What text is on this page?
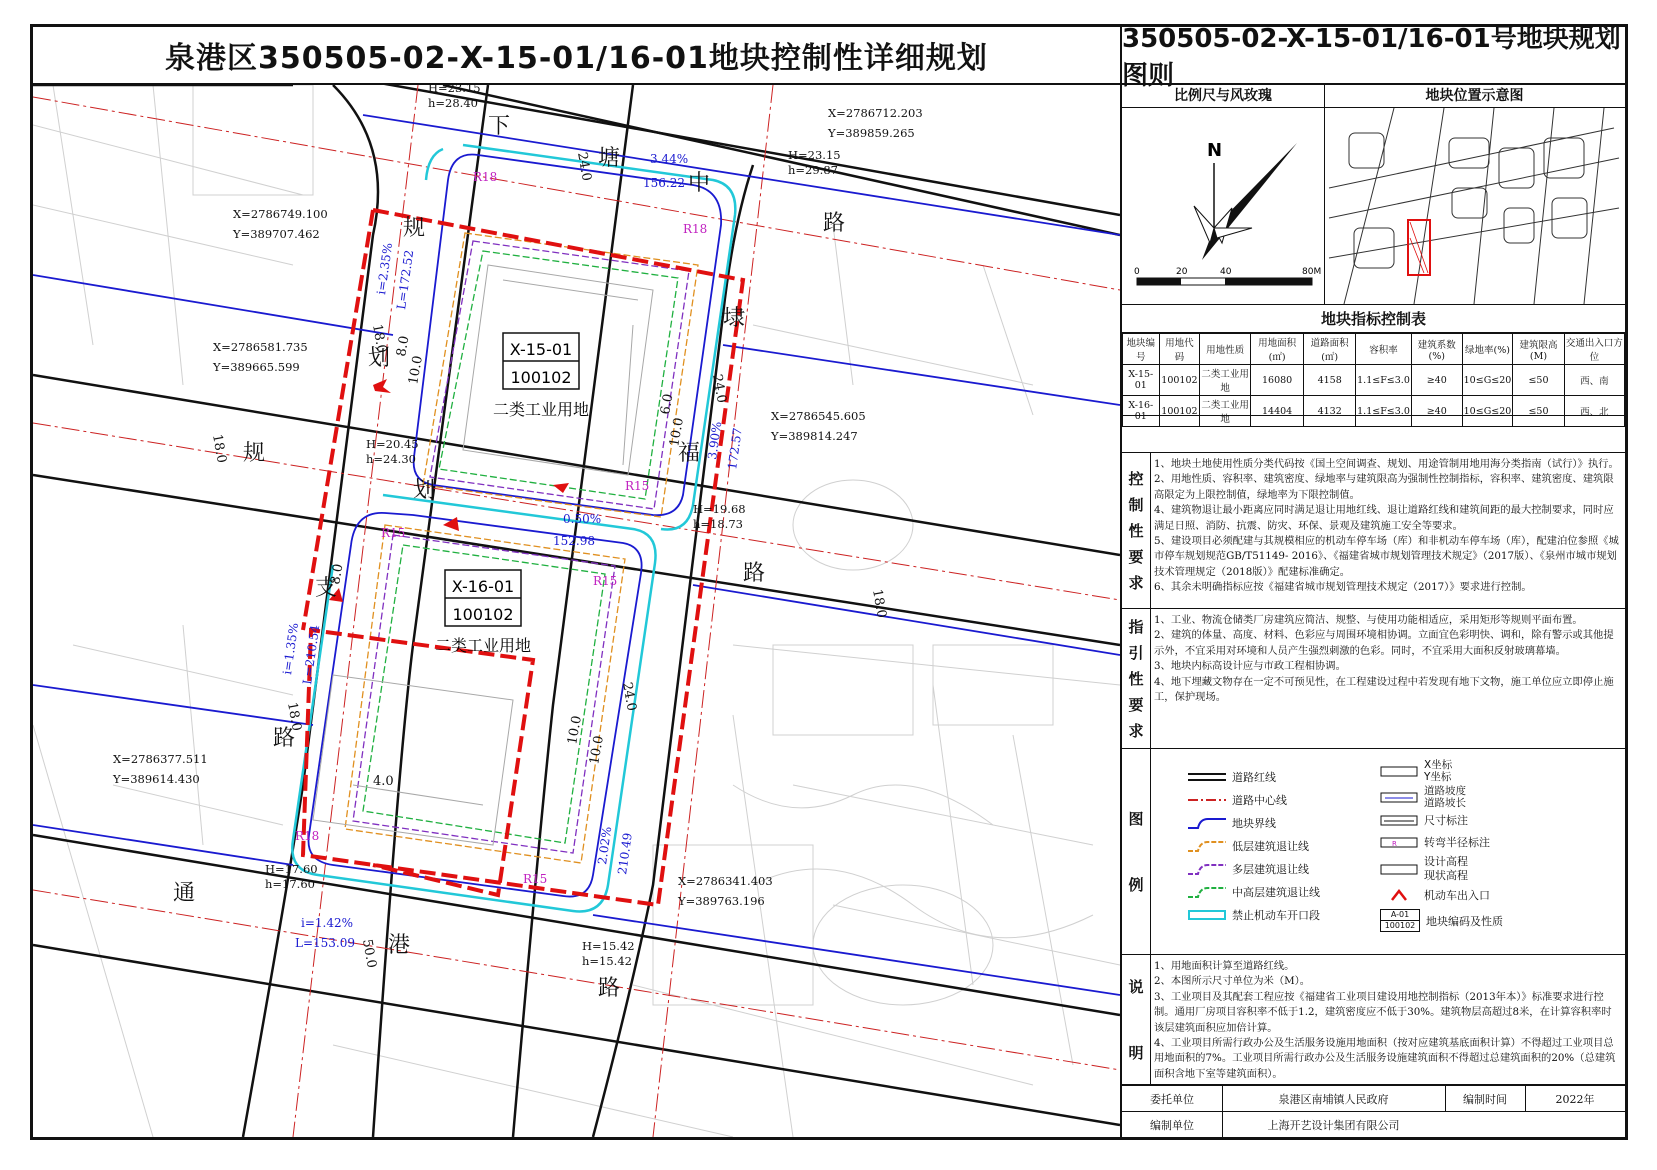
泉港区350505-02-X-15-01/16-01地块控制性详细规划
350505-02-X-15-01/16-01号地块规划图则
下
塘
中
路
规
划
支
路
规
划
路
通
港
路
埭
福
X-15-01
100102
二类工业用地
X-16-01
100102
二类工业用地
X=2786712.203
Y=389859.265
X=2786749.100
Y=389707.462
X=2786581.735
Y=389665.599
X=2786545.605
Y=389814.247
X=2786377.511
Y=389614.430
X=2786341.403
Y=389763.196
H=23.15
h=28.40
H=23.15
h=29.87
H=20.45
h=24.30
H=19.68
h=18.73
H=17.60
h=17.60
H=15.42
h=15.42
3.44%
156.22
i=2.35%
L=172.52
3.90% 172.57
0.50%
152.98
i=1.35%
L=210.54
2.02% 210.49
i=1.42%
L=153.09
24.0
18.0
18.0
24.0
18.0
50.0
18.0
24.0
R18
R18
R15
R15
R15
R15
R18
8.0
10.0
6.0
10.0
8.0
10.0
10.0
4.0
比例尺与风玫瑰
N
0	20	40	80M
地块位置示意图
地块指标控制表
地块编号	用地代码	用地性质	用地面积(㎡)	道路面积(㎡)	容积率	建筑系数(%)	绿地率(%)	建筑限高(M)	交通出入口方位
X-15-01	100102	二类工业用地	16080	4158	1.1≤F≤3.0	≥40	10≤G≤20	≤50	西、南
X-16-01	100102	二类工业用地	14404	4132	1.1≤F≤3.0	≥40	10≤G≤20	≤50	西、北
控
制
性
要
求

1、地块土地使用性质分类代码按《国土空间调查、规划、用途管制用地用海分类指南（试行）》执行。

2、用地性质、容积率、建筑密度、绿地率与建筑限高为强制性控制指标，容积率、建筑密度、建筑限高限定为上限控制值，绿地率为下限控制值。

4、建筑物退让最小距离应同时满足退让用地红线、退让道路红线和建筑间距的最大控制要求，同时应满足日照、消防、抗震、防灾、环保、景观及建筑施工安全等要求。

5、建设项目必须配建与其规模相应的机动车停车场（库）和非机动车停车场（库），配建泊位参照《城市停车规划规范GB/T51149- 2016》、《福建省城市规划管理技术规定》（2017版）、《泉州市城市规划技术管理规定（2018版）》配建标准确定。

6、其余未明确指标应按《福建省城市规划管理技术规定（2017）》要求进行控制。

指
引
性
要
求

1、工业、物流仓储类厂房建筑应简洁、规整、与使用功能相适应，采用矩形等规则平面布置。

2、建筑的体量、高度、材料、色彩应与周围环境相协调。立面宜色彩明快、调和，除有警示或其他提示外，不宜采用对环境和人员产生强烈刺激的色彩。同时，不宜采用大面积反射玻璃幕墙。

3、地块内标高设计应与市政工程相协调。

4、地下埋藏文物存在一定不可预见性，在工程建设过程中若发现有地下文物，施工单位应立即停止施工，保护现场。

图
例
道路红线
道路中心线
地块界线
低层建筑退让线
多层建筑退让线
中高层建筑退让线
禁止机动车开口段
X坐标
Y坐标
道路坡度
道路坡长
尺寸标注
R 转弯半径标注
设计高程
现状高程
机动车出入口
A-01
100102 地块编码及性质
说
明

1、用地面积计算至道路红线。

2、本图所示尺寸单位为米（M）。

3、工业项目及其配套工程应按《福建省工业项目建设用地控制指标（2013年本）》标准要求进行控制。通用厂房项目容积率不低于1.2，建筑密度应不低于30%。建筑物层高超过8米，在计算容积率时该层建筑面积应加倍计算。

4、工业项目所需行政办公及生活服务设施用地面积（按对应建筑基底面积计算）不得超过工业项目总用地面积的7%。工业项目所需行政办公及生活服务设施建筑面积不得超过总建筑面积的20%（总建筑面积含地下室等建筑面积）。

委托单位	泉港区南埔镇人民政府	编制时间	2022年
编制单位	上海开艺设计集团有限公司
